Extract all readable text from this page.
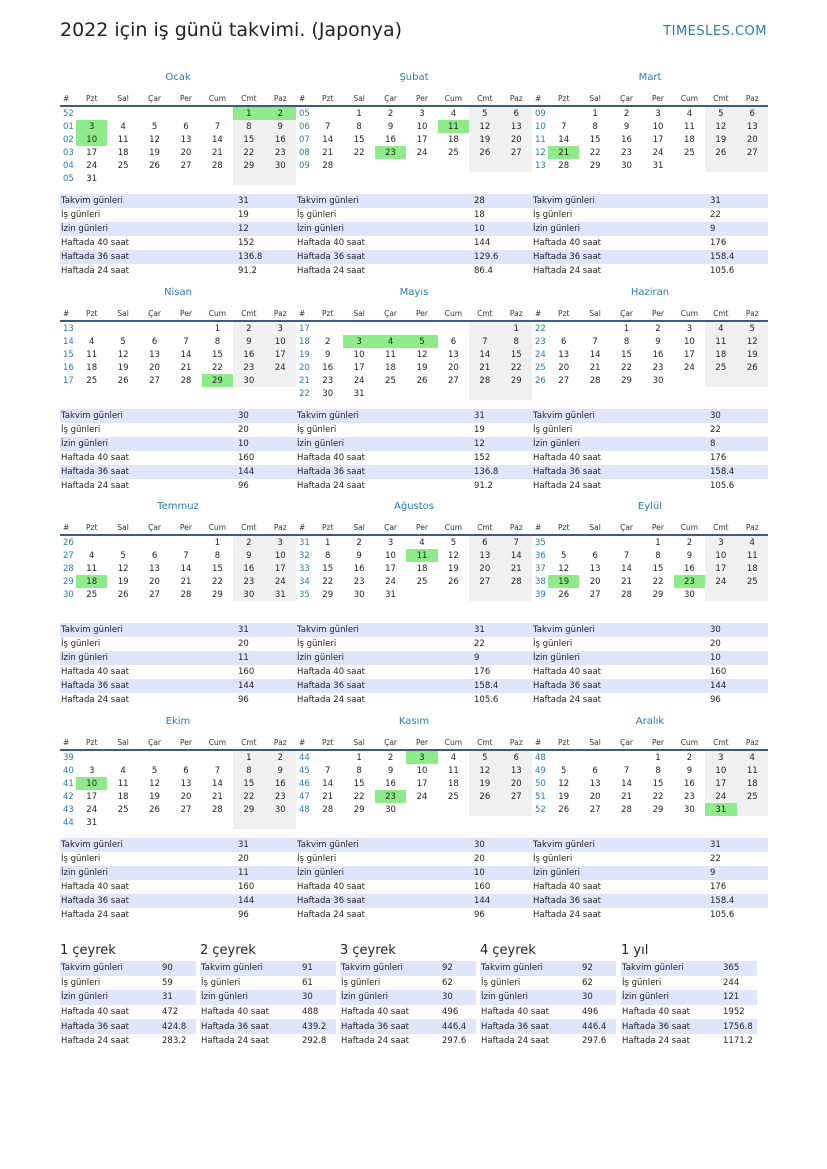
2022 için iş günü takvimi. (Japonya)	TIMESLES.COM
Ocak
#	Pzt	Sal	Çar	Per	Cum	Cmt	Paz
52						1	2
01	3	4	5	6	7	8	9
02	10	11	12	13	14	15	16
03	17	18	19	20	21	22	23
04	24	25	26	27	28	29	30
05	31						
Takvim günleri	31
İş günleri	19
İzin günleri	12
Haftada 40 saat	152
Haftada 36 saat	136.8
Haftada 24 saat	91.2
Şubat
#	Pzt	Sal	Çar	Per	Cum	Cmt	Paz
05		1	2	3	4	5	6
06	7	8	9	10	11	12	13
07	14	15	16	17	18	19	20
08	21	22	23	24	25	26	27
09	28						
Takvim günleri	28
İş günleri	18
İzin günleri	10
Haftada 40 saat	144
Haftada 36 saat	129.6
Haftada 24 saat	86.4
Mart
#	Pzt	Sal	Çar	Per	Cum	Cmt	Paz
09		1	2	3	4	5	6
10	7	8	9	10	11	12	13
11	14	15	16	17	18	19	20
12	21	22	23	24	25	26	27
13	28	29	30	31			
Takvim günleri	31
İş günleri	22
İzin günleri	9
Haftada 40 saat	176
Haftada 36 saat	158.4
Haftada 24 saat	105.6
Nisan
#	Pzt	Sal	Çar	Per	Cum	Cmt	Paz
13					1	2	3
14	4	5	6	7	8	9	10
15	11	12	13	14	15	16	17
16	18	19	20	21	22	23	24
17	25	26	27	28	29	30	
Takvim günleri	30
İş günleri	20
İzin günleri	10
Haftada 40 saat	160
Haftada 36 saat	144
Haftada 24 saat	96
Mayıs
#	Pzt	Sal	Çar	Per	Cum	Cmt	Paz
17							1
18	2	3	4	5	6	7	8
19	9	10	11	12	13	14	15
20	16	17	18	19	20	21	22
21	23	24	25	26	27	28	29
22	30	31					
Takvim günleri	31
İş günleri	19
İzin günleri	12
Haftada 40 saat	152
Haftada 36 saat	136.8
Haftada 24 saat	91.2
Haziran
#	Pzt	Sal	Çar	Per	Cum	Cmt	Paz
22			1	2	3	4	5
23	6	7	8	9	10	11	12
24	13	14	15	16	17	18	19
25	20	21	22	23	24	25	26
26	27	28	29	30			
Takvim günleri	30
İş günleri	22
İzin günleri	8
Haftada 40 saat	176
Haftada 36 saat	158.4
Haftada 24 saat	105.6
Temmuz
#	Pzt	Sal	Çar	Per	Cum	Cmt	Paz
26					1	2	3
27	4	5	6	7	8	9	10
28	11	12	13	14	15	16	17
29	18	19	20	21	22	23	24
30	25	26	27	28	29	30	31
Takvim günleri	31
İş günleri	20
İzin günleri	11
Haftada 40 saat	160
Haftada 36 saat	144
Haftada 24 saat	96
Ağustos
#	Pzt	Sal	Çar	Per	Cum	Cmt	Paz
31	1	2	3	4	5	6	7
32	8	9	10	11	12	13	14
33	15	16	17	18	19	20	21
34	22	23	24	25	26	27	28
35	29	30	31				
Takvim günleri	31
İş günleri	22
İzin günleri	9
Haftada 40 saat	176
Haftada 36 saat	158.4
Haftada 24 saat	105.6
Eylül
#	Pzt	Sal	Çar	Per	Cum	Cmt	Paz
35				1	2	3	4
36	5	6	7	8	9	10	11
37	12	13	14	15	16	17	18
38	19	20	21	22	23	24	25
39	26	27	28	29	30		
Takvim günleri	30
İş günleri	20
İzin günleri	10
Haftada 40 saat	160
Haftada 36 saat	144
Haftada 24 saat	96
Ekim
#	Pzt	Sal	Çar	Per	Cum	Cmt	Paz
39						1	2
40	3	4	5	6	7	8	9
41	10	11	12	13	14	15	16
42	17	18	19	20	21	22	23
43	24	25	26	27	28	29	30
44	31						
Takvim günleri	31
İş günleri	20
İzin günleri	11
Haftada 40 saat	160
Haftada 36 saat	144
Haftada 24 saat	96
Kasım
#	Pzt	Sal	Çar	Per	Cum	Cmt	Paz
44		1	2	3	4	5	6
45	7	8	9	10	11	12	13
46	14	15	16	17	18	19	20
47	21	22	23	24	25	26	27
48	28	29	30				
Takvim günleri	30
İş günleri	20
İzin günleri	10
Haftada 40 saat	160
Haftada 36 saat	144
Haftada 24 saat	96
Aralık
#	Pzt	Sal	Çar	Per	Cum	Cmt	Paz
48				1	2	3	4
49	5	6	7	8	9	10	11
50	12	13	14	15	16	17	18
51	19	20	21	22	23	24	25
52	26	27	28	29	30	31	
Takvim günleri	31
İş günleri	22
İzin günleri	9
Haftada 40 saat	176
Haftada 36 saat	158.4
Haftada 24 saat	105.6
1 çeyrek
Takvim günleri	90
İş günleri	59
İzin günleri	31
Haftada 40 saat	472
Haftada 36 saat	424.8
Haftada 24 saat	283.2
2 çeyrek
Takvim günleri	91
İş günleri	61
İzin günleri	30
Haftada 40 saat	488
Haftada 36 saat	439.2
Haftada 24 saat	292.8
3 çeyrek
Takvim günleri	92
İş günleri	62
İzin günleri	30
Haftada 40 saat	496
Haftada 36 saat	446.4
Haftada 24 saat	297.6
4 çeyrek
Takvim günleri	92
İş günleri	62
İzin günleri	30
Haftada 40 saat	496
Haftada 36 saat	446.4
Haftada 24 saat	297.6
1 yıl
Takvim günleri	365
İş günleri	244
İzin günleri	121
Haftada 40 saat	1952
Haftada 36 saat	1756.8
Haftada 24 saat	1171.2
